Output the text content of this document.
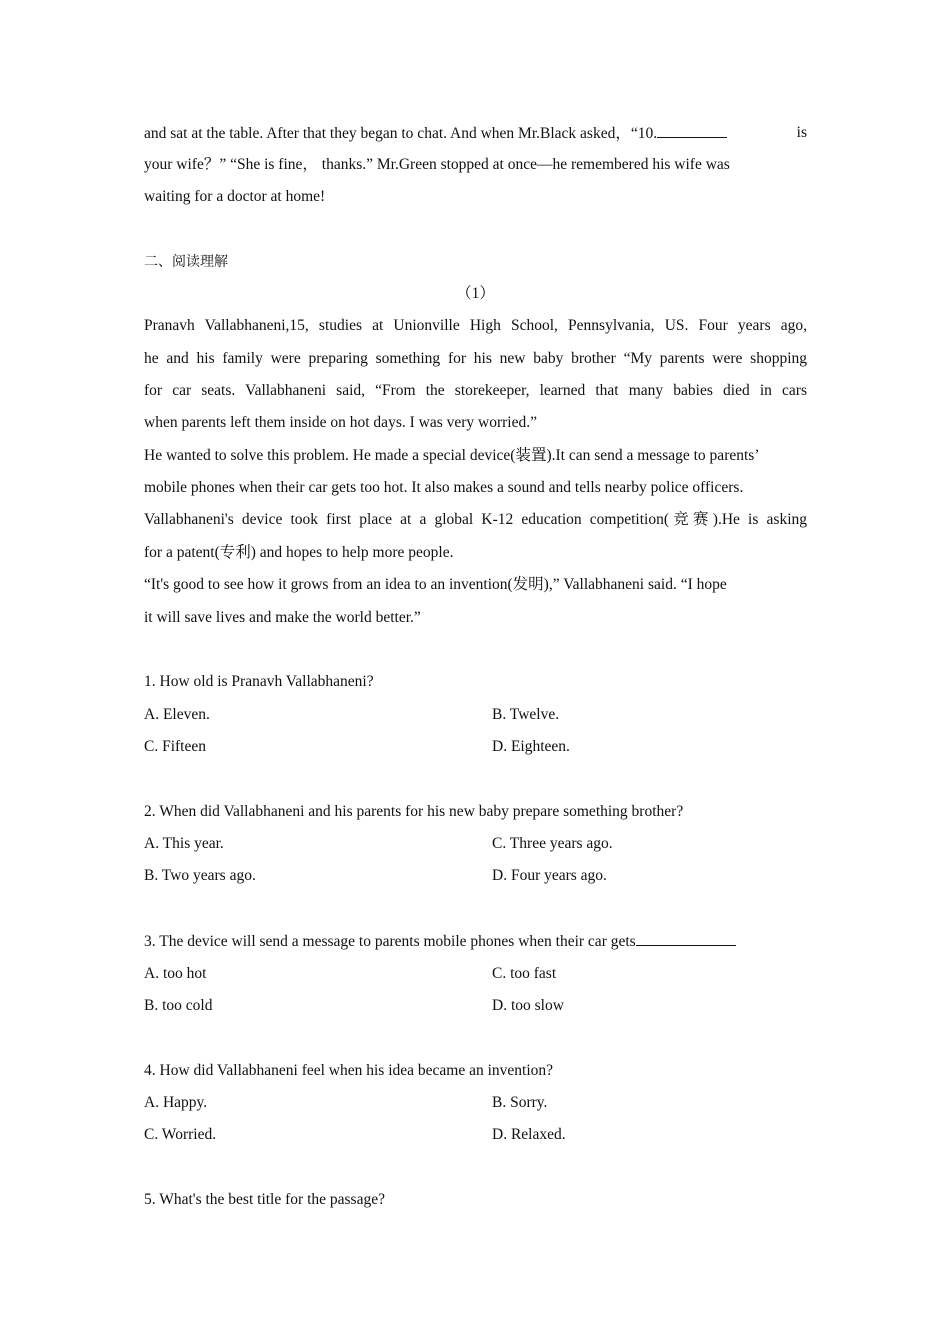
and sat at the table. After that they began to chat. And when Mr.Black asked，“10.	is
your wife？” “She is fine， thanks.” Mr.Green stopped at once—he remembered his wife was
waiting for a doctor at home!
二、阅读理解
（1）
Pranavh Vallabhaneni,15, studies at Unionville High School, Pennsylvania, US. Four years ago,
he and his family were preparing something for his new baby brother “My parents were shopping
for car seats. Vallabhaneni said, “From the storekeeper, learned that many babies died in cars
when parents left them inside on hot days. I was very worried.”
He wanted to solve this problem. He made a special device(装置).It can send a message to parents’
mobile phones when their car gets too hot. It also makes a sound and tells nearby police officers.
Vallabhaneni's device took first place at a global K-12 education competition(竞赛).He is asking
for a patent(专利) and hopes to help more people.
“It's good to see how it grows from an idea to an invention(发明),” Vallabhaneni said. “I hope
it will save lives and make the world better.”
1. How old is Pranavh Vallabhaneni?
A. Eleven.	B. Twelve.
C. Fifteen	D. Eighteen.
2. When did Vallabhaneni and his parents for his new baby prepare something brother?
A. This year.	C. Three years ago.
B. Two years ago.	D. Four years ago.
3. The device will send a message to parents mobile phones when their car gets
A. too hot	C. too fast
B. too cold	D. too slow
4. How did Vallabhaneni feel when his idea became an invention?
A. Happy.	B. Sorry.
C. Worried.	D. Relaxed.
5. What's the best title for the passage?
